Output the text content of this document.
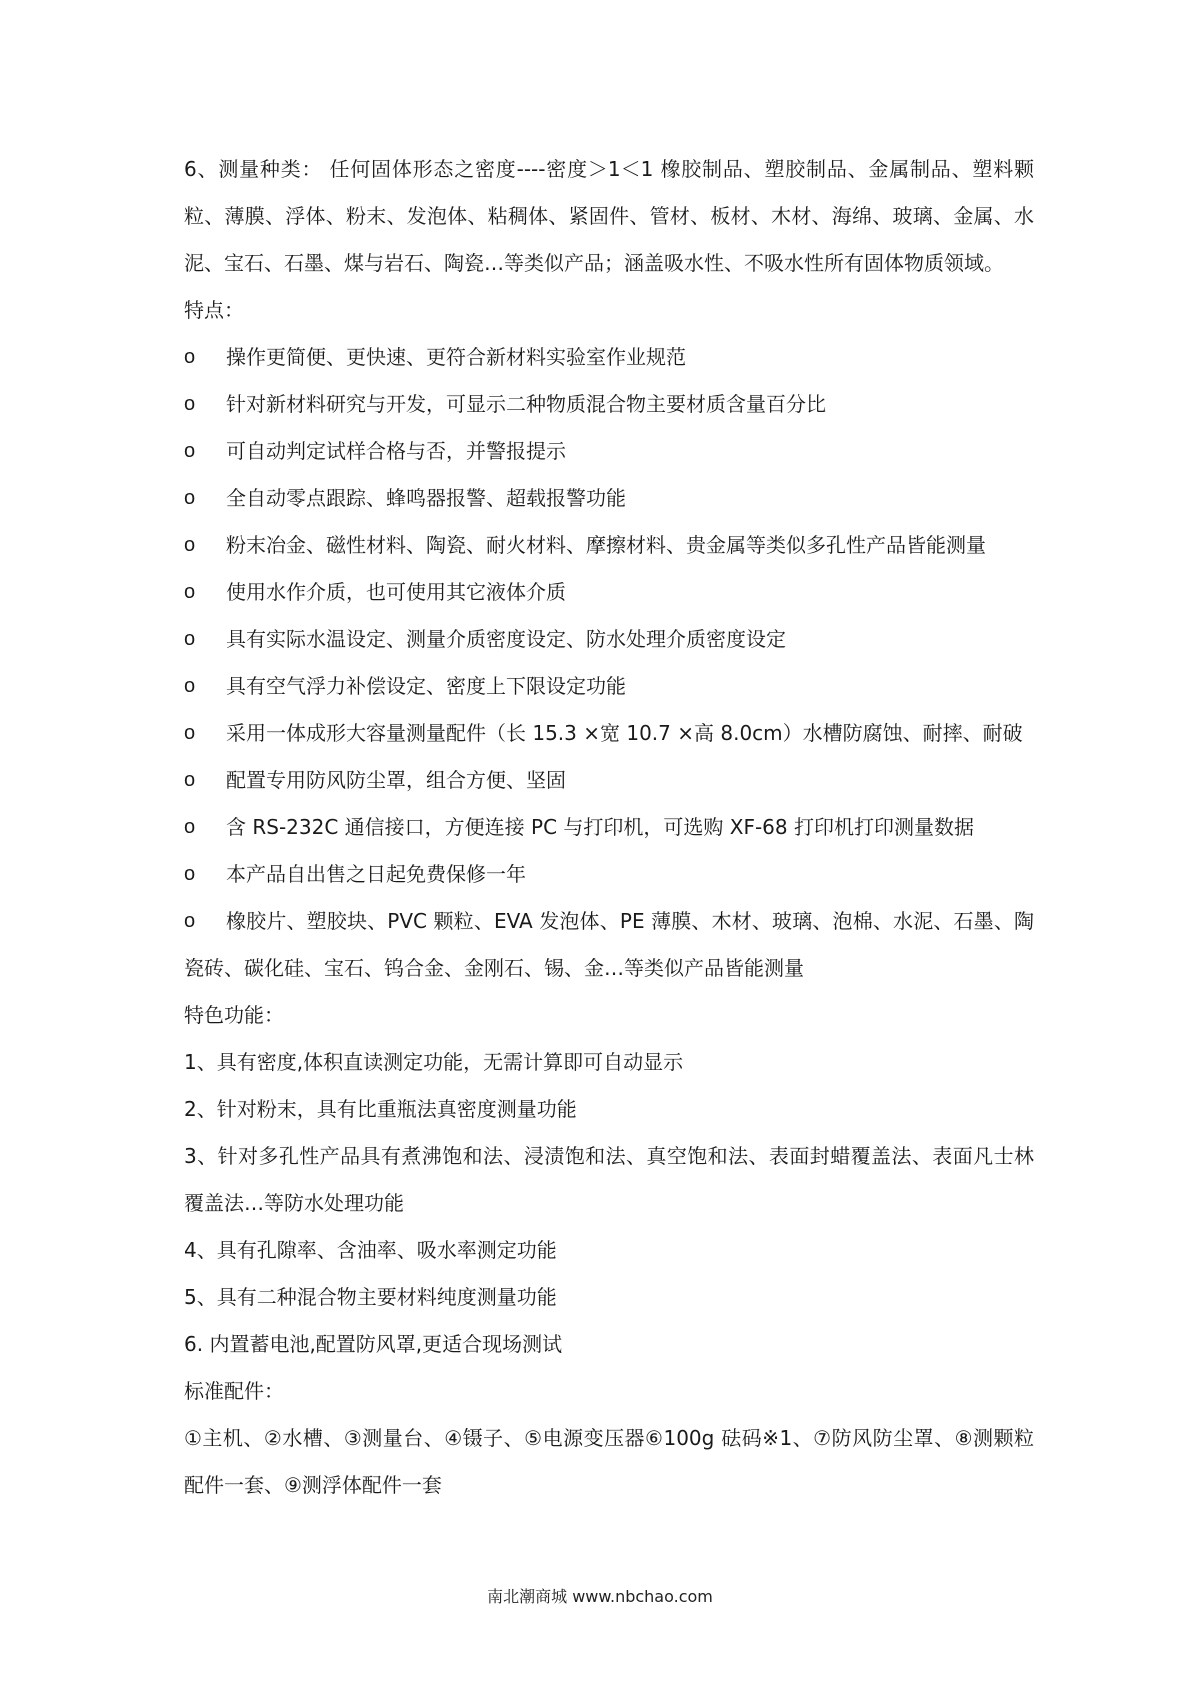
6、测量种类： 任何固体形态之密度----密度＞1＜1 橡胶制品、塑胶制品、金属制品、塑料颗粒、薄膜、浮体、粉末、发泡体、粘稠体、紧固件、管材、板材、木材、海绵、玻璃、金属、水泥、宝石、石墨、煤与岩石、陶瓷…等类似产品；涵盖吸水性、不吸水性所有固体物质领域。

特点：

o	操作更简便、更快速、更符合新材料实验室作业规范
o	针对新材料研究与开发，可显示二种物质混合物主要材质含量百分比
o	可自动判定试样合格与否，并警报提示
o	全自动零点跟踪、蜂鸣器报警、超载报警功能
o	粉末冶金、磁性材料、陶瓷、耐火材料、摩擦材料、贵金属等类似多孔性产品皆能测量
o	使用水作介质，也可使用其它液体介质
o	具有实际水温设定、测量介质密度设定、防水处理介质密度设定
o	具有空气浮力补偿设定、密度上下限设定功能
o	采用一体成形大容量测量配件（长 15.3 ×宽 10.7 ×高 8.0cm）水槽防腐蚀、耐摔、耐破
o	配置专用防风防尘罩，组合方便、坚固
o	含 RS-232C 通信接口，方便连接 PC 与打印机，可选购 XF-68 打印机打印测量数据
o	本产品自出售之日起免费保修一年
o	橡胶片、塑胶块、PVC 颗粒、EVA 发泡体、PE 薄膜、木材、玻璃、泡棉、水泥、石墨、陶瓷砖、碳化硅、宝石、钨合金、金刚石、锡、金…等类似产品皆能测量

特色功能：

1、具有密度,体积直读测定功能，无需计算即可自动显示
2、针对粉末，具有比重瓶法真密度测量功能
3、针对多孔性产品具有煮沸饱和法、浸渍饱和法、真空饱和法、表面封蜡覆盖法、表面凡士林覆盖法…等防水处理功能
4、具有孔隙率、含油率、吸水率测定功能
5、具有二种混合物主要材料纯度测量功能
6. 内置蓄电池,配置防风罩,更适合现场测试

标准配件：

①主机、②水槽、③测量台、④镊子、⑤电源变压器⑥100g 砝码※1、⑦防风防尘罩、⑧测颗粒配件一套、⑨测浮体配件一套

南北潮商城 www.nbchao.com
